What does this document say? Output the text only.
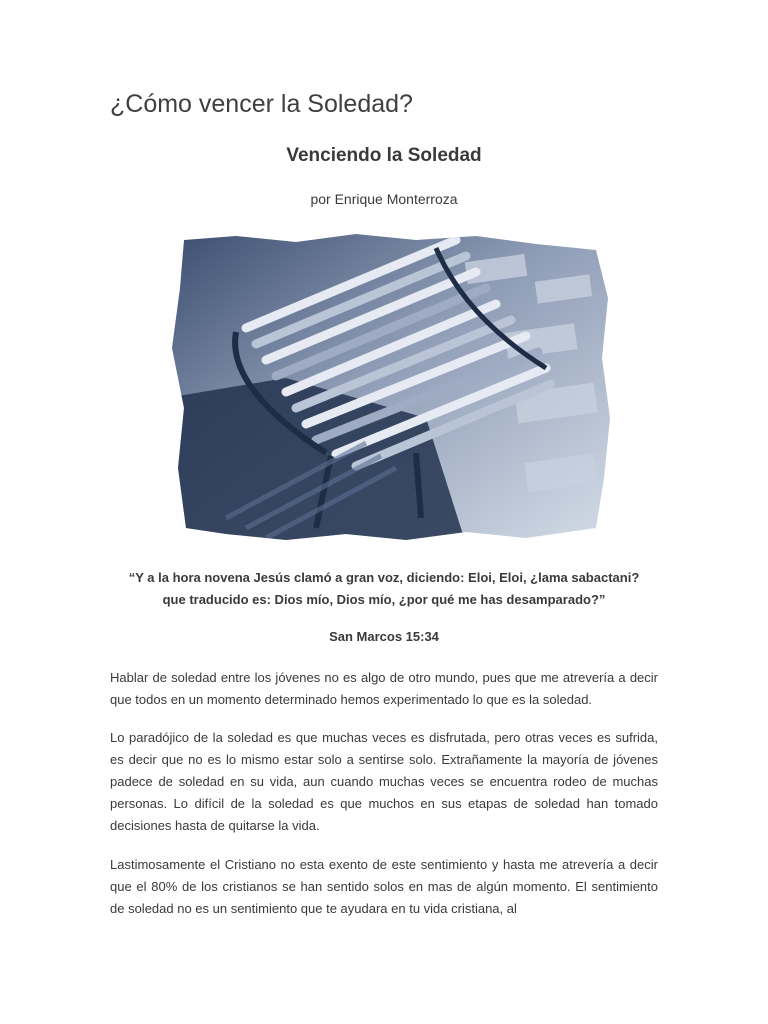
¿Cómo vencer la Soledad?
Venciendo la Soledad
por Enrique Monterroza
“Y a la hora novena Jesús clamó a gran voz, diciendo: Eloi, Eloi, ¿lama sabactani?
que traducido es: Dios mío, Dios mío, ¿por qué me has desamparado?”
San Marcos 15:34

Hablar de soledad entre los jóvenes no es algo de otro mundo, pues que me atrevería a decir que todos en un momento determinado hemos experimentado lo que es la soledad.

Lo paradójico de la soledad es que muchas veces es disfrutada, pero otras veces es sufrida, es decir que no es lo mismo estar solo a sentirse solo. Extrañamente la mayoría de jóvenes padece de soledad en su vida, aun cuando muchas veces se encuentra rodeo de muchas personas. Lo difícil de la soledad es que muchos en sus etapas de soledad han tomado decisiones hasta de quitarse la vida.

Lastimosamente el Cristiano no esta exento de este sentimiento y hasta me atrevería a decir que el 80% de los cristianos se han sentido solos en mas de algún momento. El sentimiento de soledad no es un sentimiento que te ayudara en tu vida cristiana, al
